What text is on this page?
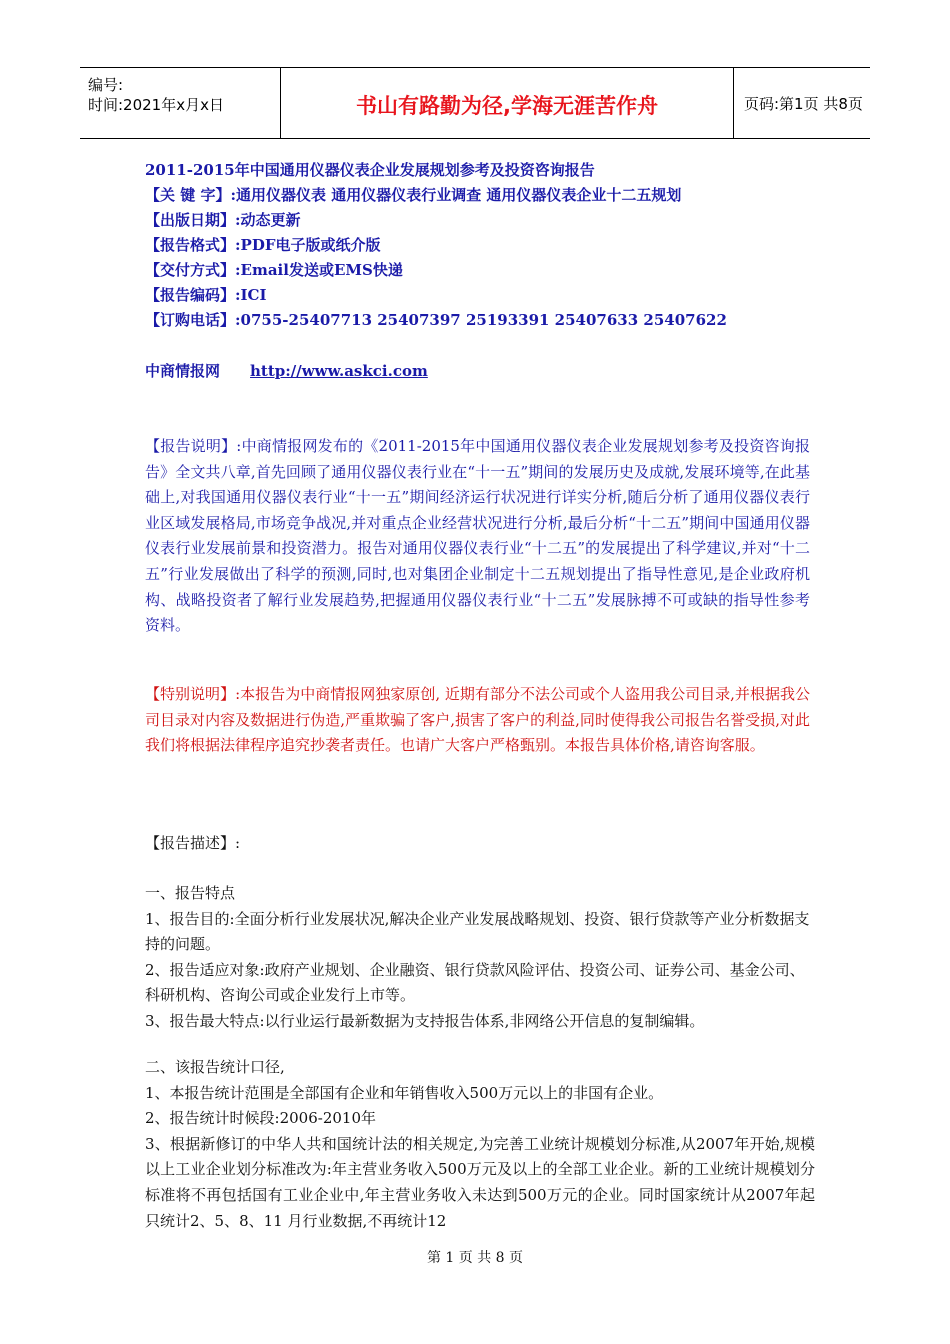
编号:
时间:2021年x月x日	书山有路勤为径,学海无涯苦作舟	页码:第1页 共8页
2011-2015年中国通用仪器仪表企业发展规划参考及投资咨询报告
【关 键 字】:通用仪器仪表 通用仪器仪表行业调查 通用仪器仪表企业十二五规划
【出版日期】:动态更新
【报告格式】:PDF电子版或纸介版
【交付方式】:Email发送或EMS快递
【报告编码】:ICI
【订购电话】:0755-25407713 25407397 25193391 25407633 25407622
中商情报网 http://www.askci.com
【报告说明】:中商情报网发布的《2011-2015年中国通用仪器仪表企业发展规划参考及投资咨询报告》全文共八章,首先回顾了通用仪器仪表行业在“十一五”期间的发展历史及成就,发展环境等,在此基础上,对我国通用仪器仪表行业“十一五”期间经济运行状况进行详实分析,随后分析了通用仪器仪表行业区域发展格局,市场竞争战况,并对重点企业经营状况进行分析,最后分析“十二五”期间中国通用仪器仪表行业发展前景和投资潜力。报告对通用仪器仪表行业“十二五”的发展提出了科学建议,并对“十二五”行业发展做出了科学的预测,同时,也对集团企业制定十二五规划提出了指导性意见,是企业政府机构、战略投资者了解行业发展趋势,把握通用仪器仪表行业“十二五”发展脉搏不可或缺的指导性参考资料。
【特别说明】:本报告为中商情报网独家原创, 近期有部分不法公司或个人盗用我公司目录,并根据我公司目录对内容及数据进行伪造,严重欺骗了客户,损害了客户的利益,同时使得我公司报告名誉受损,对此我们将根据法律程序追究抄袭者责任。也请广大客户严格甄别。本报告具体价格,请咨询客服。
【报告描述】:
一、报告特点
1、报告目的:全面分析行业发展状况,解决企业产业发展战略规划、投资、银行贷款等产业分析数据支持的问题。
2、报告适应对象:政府产业规划、企业融资、银行贷款风险评估、投资公司、证券公司、基金公司、科研机构、咨询公司或企业发行上市等。
3、报告最大特点:以行业运行最新数据为支持报告体系,非网络公开信息的复制编辑。
二、该报告统计口径,
1、本报告统计范围是全部国有企业和年销售收入500万元以上的非国有企业。
2、报告统计时候段:2006-2010年
3、根据新修订的中华人共和国统计法的相关规定,为完善工业统计规模划分标准,从2007年开始,规模以上工业企业划分标准改为:年主营业务收入500万元及以上的全部工业企业。新的工业统计规模划分标准将不再包括国有工业企业中,年主营业务收入未达到500万元的企业。同时国家统计从2007年起只统计2、5、8、11 月行业数据,不再统计12
第 1 页 共 8 页
